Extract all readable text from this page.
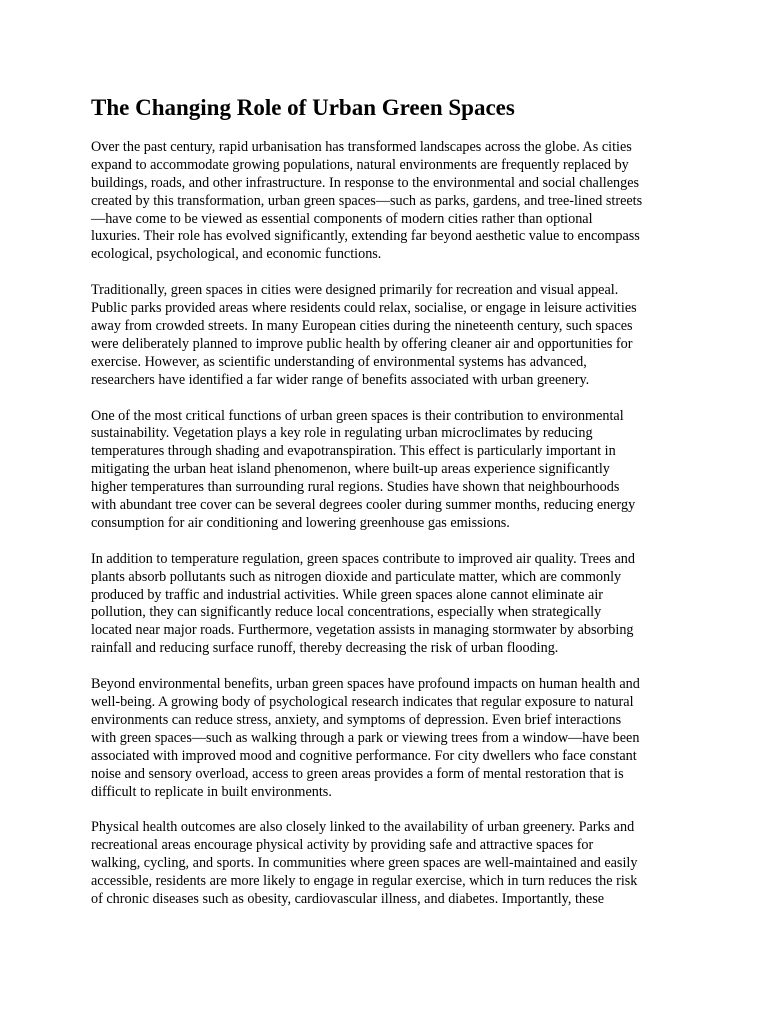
The Changing Role of Urban Green Spaces

Over the past century, rapid urbanisation has transformed landscapes across the globe. As cities
expand to accommodate growing populations, natural environments are frequently replaced by
buildings, roads, and other infrastructure. In response to the environmental and social challenges
created by this transformation, urban green spaces—such as parks, gardens, and tree-lined streets
—have come to be viewed as essential components of modern cities rather than optional
luxuries. Their role has evolved significantly, extending far beyond aesthetic value to encompass
ecological, psychological, and economic functions.

Traditionally, green spaces in cities were designed primarily for recreation and visual appeal.
Public parks provided areas where residents could relax, socialise, or engage in leisure activities
away from crowded streets. In many European cities during the nineteenth century, such spaces
were deliberately planned to improve public health by offering cleaner air and opportunities for
exercise. However, as scientific understanding of environmental systems has advanced,
researchers have identified a far wider range of benefits associated with urban greenery.

One of the most critical functions of urban green spaces is their contribution to environmental
sustainability. Vegetation plays a key role in regulating urban microclimates by reducing
temperatures through shading and evapotranspiration. This effect is particularly important in
mitigating the urban heat island phenomenon, where built-up areas experience significantly
higher temperatures than surrounding rural regions. Studies have shown that neighbourhoods
with abundant tree cover can be several degrees cooler during summer months, reducing energy
consumption for air conditioning and lowering greenhouse gas emissions.

In addition to temperature regulation, green spaces contribute to improved air quality. Trees and
plants absorb pollutants such as nitrogen dioxide and particulate matter, which are commonly
produced by traffic and industrial activities. While green spaces alone cannot eliminate air
pollution, they can significantly reduce local concentrations, especially when strategically
located near major roads. Furthermore, vegetation assists in managing stormwater by absorbing
rainfall and reducing surface runoff, thereby decreasing the risk of urban flooding.

Beyond environmental benefits, urban green spaces have profound impacts on human health and
well-being. A growing body of psychological research indicates that regular exposure to natural
environments can reduce stress, anxiety, and symptoms of depression. Even brief interactions
with green spaces—such as walking through a park or viewing trees from a window—have been
associated with improved mood and cognitive performance. For city dwellers who face constant
noise and sensory overload, access to green areas provides a form of mental restoration that is
difficult to replicate in built environments.

Physical health outcomes are also closely linked to the availability of urban greenery. Parks and
recreational areas encourage physical activity by providing safe and attractive spaces for
walking, cycling, and sports. In communities where green spaces are well-maintained and easily
accessible, residents are more likely to engage in regular exercise, which in turn reduces the risk
of chronic diseases such as obesity, cardiovascular illness, and diabetes. Importantly, these
